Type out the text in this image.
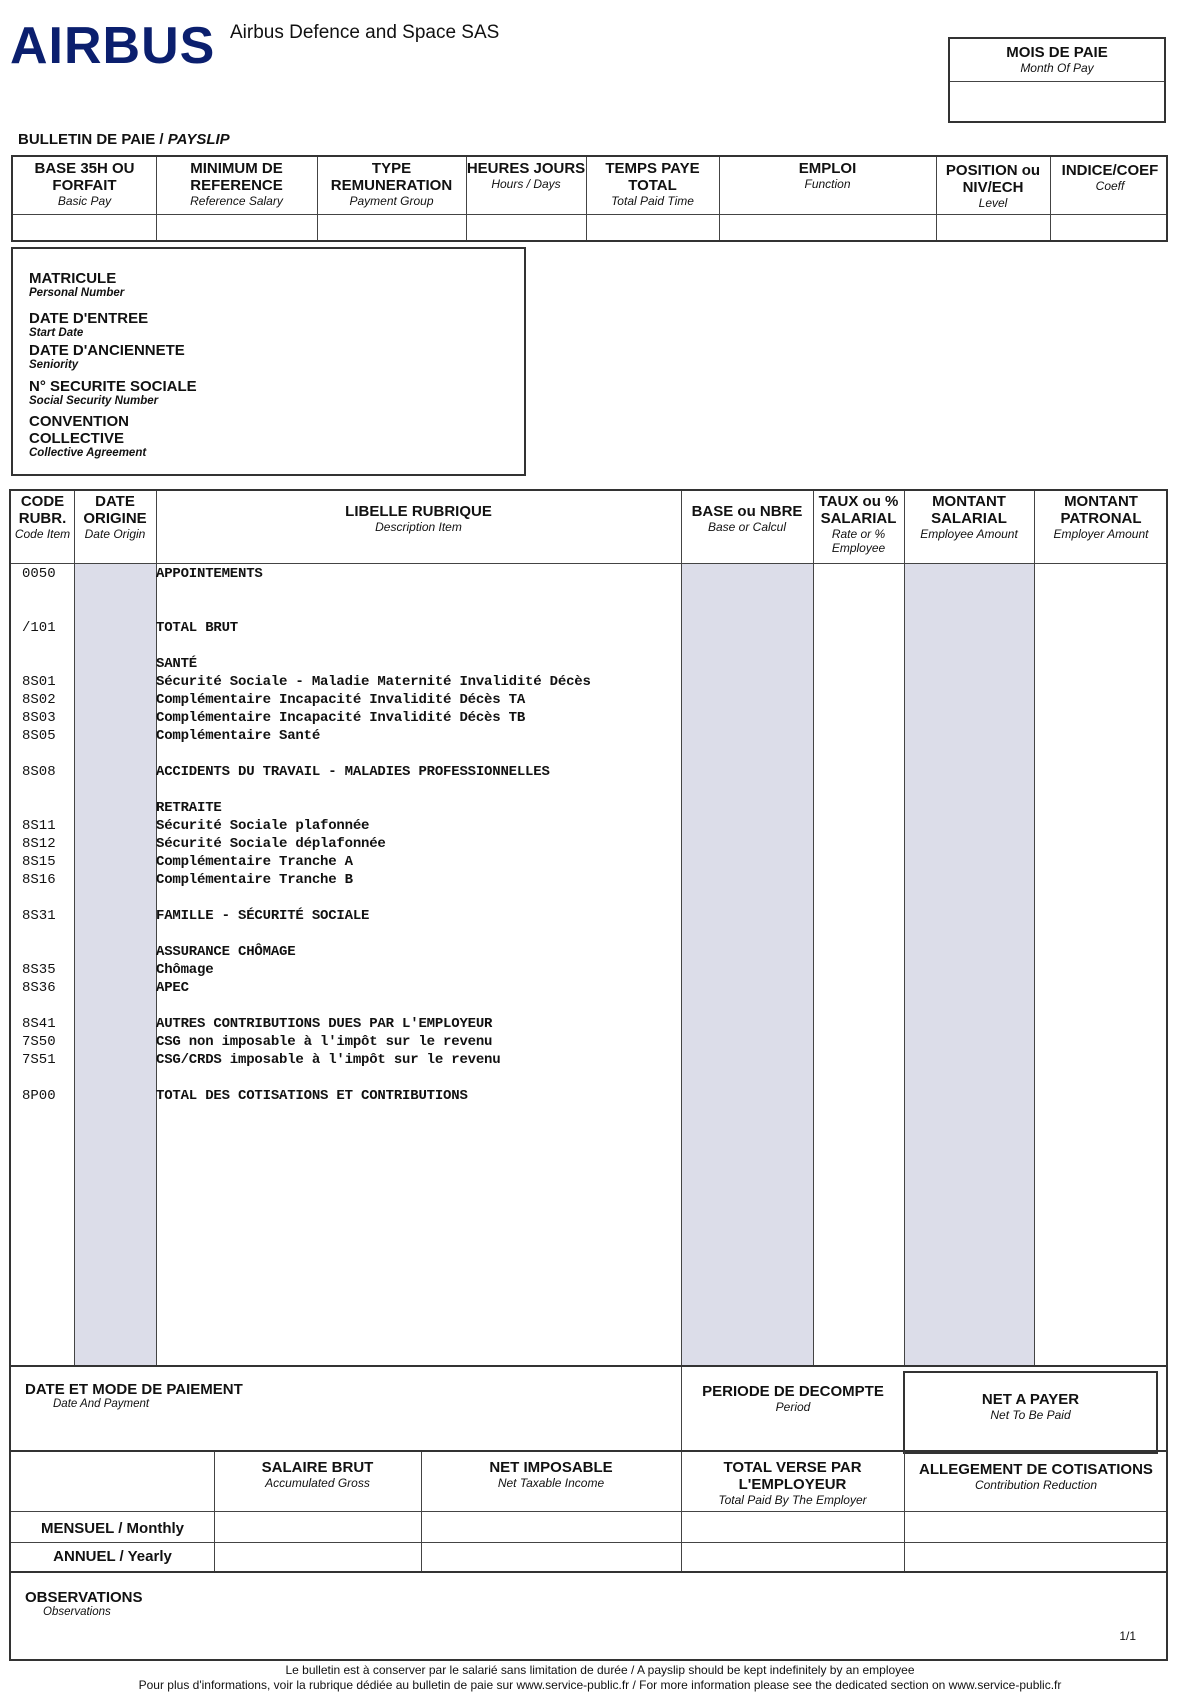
AIRBUS Airbus Defence and Space SAS
MOIS DE PAIE
Month Of Pay
BULLETIN DE PAIE / PAYSLIP
BASE 35H OU FORFAIT
Basic Pay
MINIMUM DE REFERENCE
Reference Salary
TYPE REMUNERATION
Payment Group
HEURES JOURS
Hours / Days
TEMPS PAYE TOTAL
Total Paid Time
EMPLOI
Function
POSITION ou NIV/ECH
Level
INDICE/COEF
Coeff
MATRICULE
Personal Number
DATE D'ENTREE
Start Date
DATE D'ANCIENNETE
Seniority
N° SECURITE SOCIALE
Social Security Number
CONVENTION COLLECTIVE
Collective Agreement
CODE RUBR.
Code Item
DATE ORIGINE
Date Origin
LIBELLE RUBRIQUE
Description Item
BASE ou NBRE
Base or Calcul
TAUX ou % SALARIAL
Rate or % Employee
MONTANT SALARIAL
Employee Amount
MONTANT PATRONAL
Employer Amount
0050
/101
8S01
8S02
8S03
8S05
8S08
8S11
8S12
8S15
8S16
8S31
8S35
8S36
8S41
7S50
7S51
8P00
APPOINTEMENTS
TOTAL BRUT
SANTÉ
Sécurité Sociale - Maladie Maternité Invalidité Décès
Complémentaire Incapacité Invalidité Décès TA
Complémentaire Incapacité Invalidité Décès TB
Complémentaire Santé
ACCIDENTS DU TRAVAIL - MALADIES PROFESSIONNELLES
RETRAITE
Sécurité Sociale plafonnée
Sécurité Sociale déplafonnée
Complémentaire Tranche A
Complémentaire Tranche B
FAMILLE - SÉCURITÉ SOCIALE
ASSURANCE CHÔMAGE
Chômage
APEC
AUTRES CONTRIBUTIONS DUES PAR L'EMPLOYEUR
CSG non imposable à l'impôt sur le revenu
CSG/CRDS imposable à l'impôt sur le revenu
TOTAL DES COTISATIONS ET CONTRIBUTIONS
DATE ET MODE DE PAIEMENT
Date And Payment
PERIODE DE DECOMPTE
Period	NET A PAYER
Net To Be Paid
SALAIRE BRUT
Accumulated Gross
NET IMPOSABLE
Net Taxable Income
TOTAL VERSE PAR L'EMPLOYEUR
Total Paid By The Employer
ALLEGEMENT DE COTISATIONS
Contribution Reduction
MENSUEL / Monthly
ANNUEL / Yearly
OBSERVATIONS
Observations
1/1
Le bulletin est à conserver par le salarié sans limitation de durée / A payslip should be kept indefinitely by an employee
Pour plus d'informations, voir la rubrique dédiée au bulletin de paie sur www.service-public.fr / For more information please see the dedicated section on www.service-public.fr
